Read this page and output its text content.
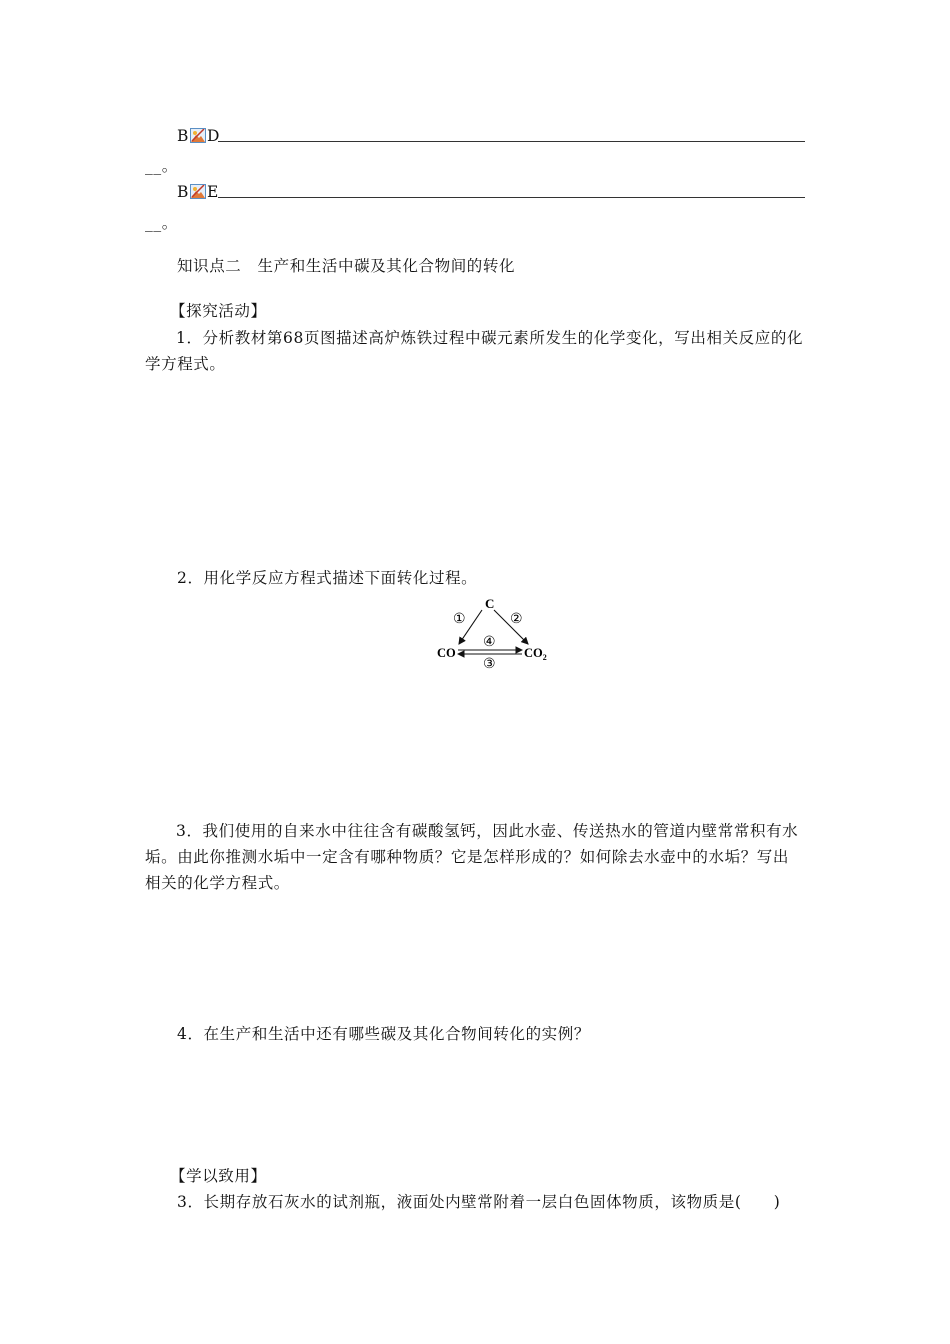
B D
__。
B E
__。
知识点二　生产和生活中碳及其化合物间的转化
【探究活动】
1．分析教材第68页图描述高炉炼铁过程中碳元素所发生的化学变化，写出相关反应的化学方程式。
2．用化学反应方程式描述下面转化过程。
C
①	②
CO	$CO_2$
④
③
3．我们使用的自来水中往往含有碳酸氢钙，因此水壶、传送热水的管道内壁常常积有水垢。由此你推测水垢中一定含有哪种物质？它是怎样形成的？如何除去水壶中的水垢？写出相关的化学方程式。
4．在生产和生活中还有哪些碳及其化合物间转化的实例？
【学以致用】
3．长期存放石灰水的试剂瓶，液面处内壁常附着一层白色固体物质，该物质是(　　)
